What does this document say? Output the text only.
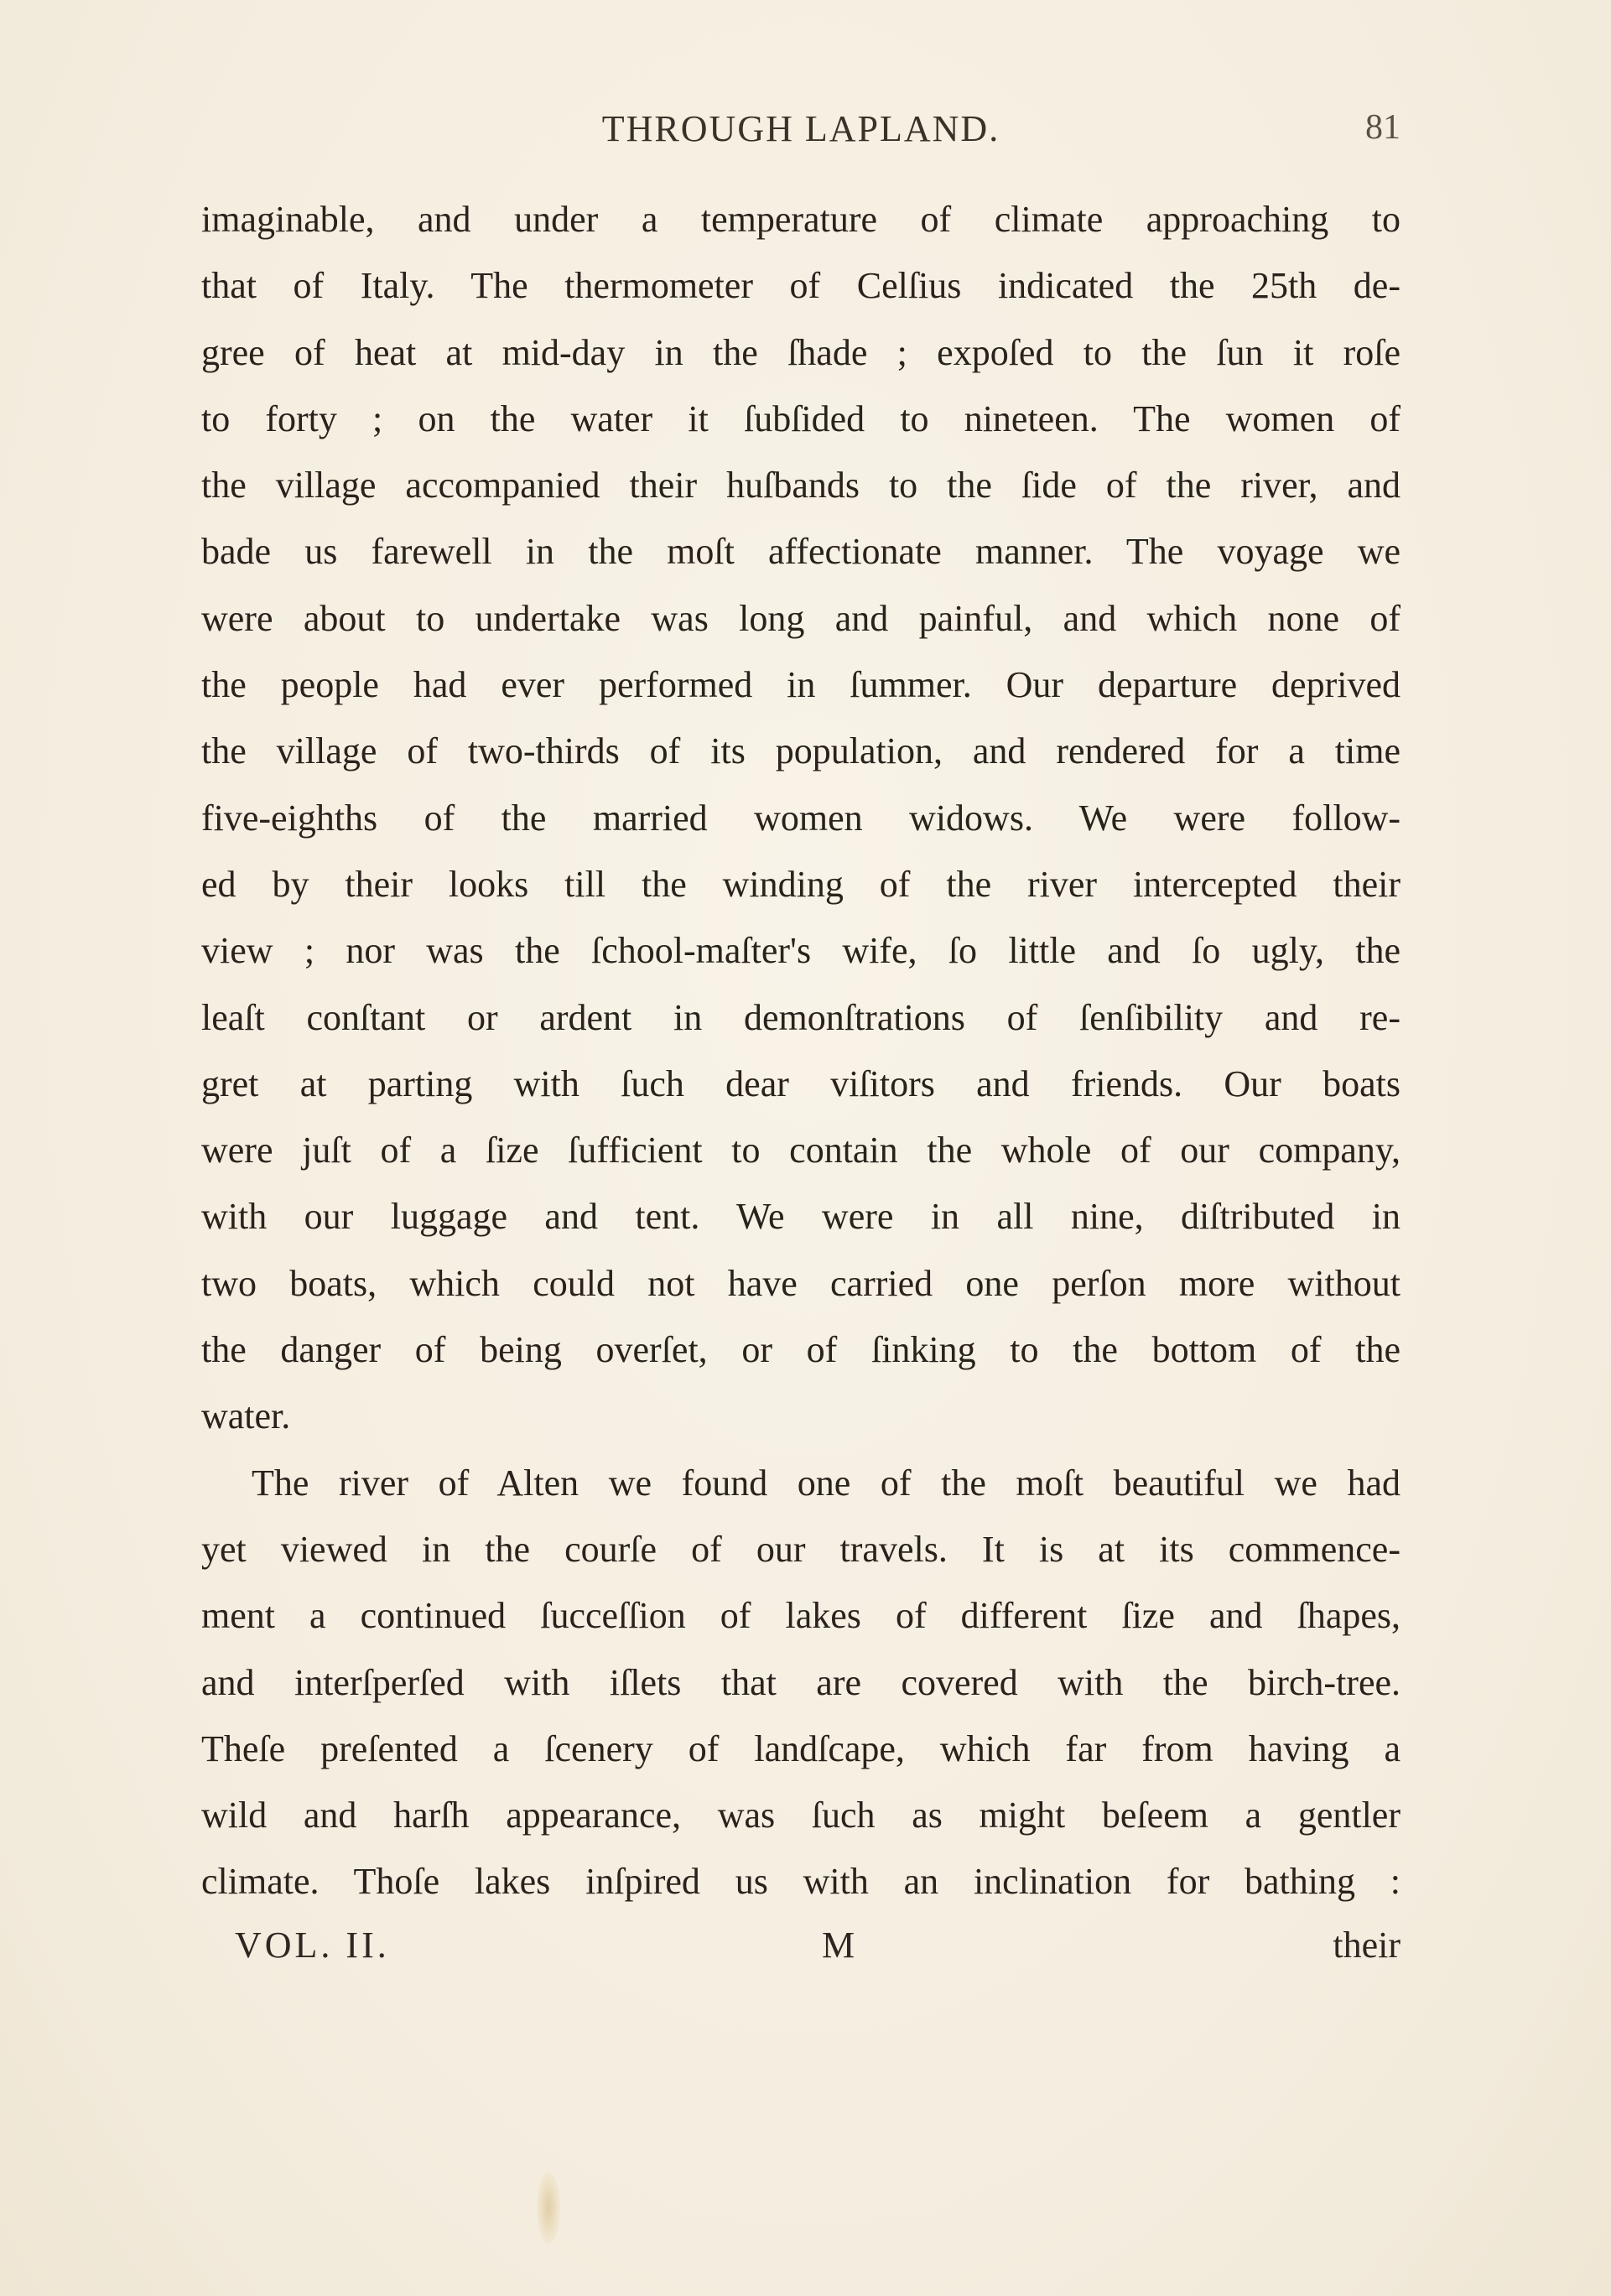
THROUGH LAPLAND.	81
imaginable, and under a temperature of climate approaching to
that of Italy. The thermometer of Celſius indicated the 25th de-
gree of heat at mid-day in the ſhade ; expoſed to the ſun it roſe
to forty ; on the water it ſubſided to nineteen. The women of
the village accompanied their huſbands to the ſide of the river, and
bade us farewell in the moſt affectionate manner. The voyage we
were about to undertake was long and painful, and which none of
the people had ever performed in ſummer. Our departure deprived
the village of two-thirds of its population, and rendered for a time
five-eighths of the married women widows. We were follow-
ed by their looks till the winding of the river intercepted their
view ; nor was the ſchool-maſter's wife, ſo little and ſo ugly, the
leaſt conſtant or ardent in demonſtrations of ſenſibility and re-
gret at parting with ſuch dear viſitors and friends. Our boats
were juſt of a ſize ſufficient to contain the whole of our company,
with our luggage and tent. We were in all nine, diſtributed in
two boats, which could not have carried one perſon more without
the danger of being overſet, or of ſinking to the bottom of the
water.
The river of Alten we found one of the moſt beautiful we had
yet viewed in the courſe of our travels. It is at its commence-
ment a continued ſucceſſion of lakes of different ſize and ſhapes,
and interſperſed with iſlets that are covered with the birch-tree.
Theſe preſented a ſcenery of landſcape, which far from having a
wild and harſh appearance, was ſuch as might beſeem a gentler
climate. Thoſe lakes inſpired us with an inclination for bathing :
VOL. II.	M	their
